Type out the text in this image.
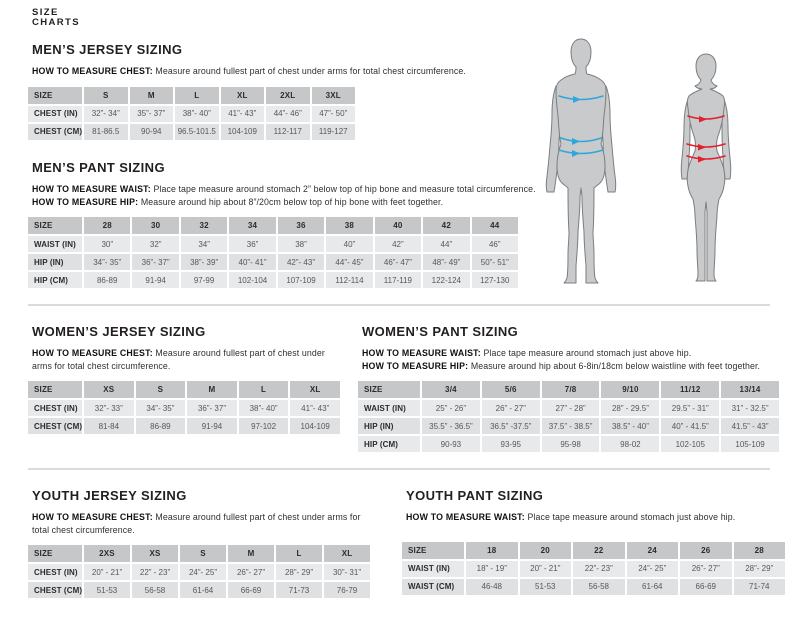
SIZE
CHARTS
MEN’S JERSEY SIZING

HOW TO MEASURE CHEST: Measure around fullest part of chest under arms for total chest circumference.

SIZE	S	M	L	XL	2XL	3XL
CHEST (IN)	32”- 34”	35”- 37”	38”- 40”	41”- 43”	44”- 46”	47”- 50”
CHEST (CM)	81-86.5	90-94	96.5-101.5	104-109	112-117	119-127
MEN’S PANT SIZING

HOW TO MEASURE WAIST: Place tape measure around stomach 2” below top of hip bone and measure total circumference.
HOW TO MEASURE HIP: Measure around hip about 8”/20cm below top of hip bone with feet together.

SIZE	28	30	32	34	36	38	40	42	44
WAIST (IN)	30”	32”	34”	36”	38”	40”	42”	44”	46”
HIP (IN)	34”- 35”	36”- 37”	38”- 39”	40”- 41”	42”- 43”	44”- 45”	46”- 47”	48”- 49”	50”- 51”
HIP (CM)	86-89	91-94	97-99	102-104	107-109	112-114	117-119	122-124	127-130
WOMEN’S JERSEY SIZING

HOW TO MEASURE CHEST: Measure around fullest part of chest under arms for total chest circumference.

SIZE	XS	S	M	L	XL
CHEST (IN)	32”- 33”	34”- 35”	36”- 37”	38”- 40”	41”- 43”
CHEST (CM)	81-84	86-89	91-94	97-102	104-109
WOMEN’S PANT SIZING

HOW TO MEASURE WAIST: Place tape measure around stomach just above hip.
HOW TO MEASURE HIP: Measure around hip about 6-8in/18cm below waistline with feet together.

SIZE	3/4	5/6	7/8	9/10	11/12	13/14
WAIST (IN)	25” - 26”	26” - 27”	27” - 28”	28” - 29.5”	29.5” - 31”	31” - 32.5”
HIP (IN)	35.5” - 36.5”	36.5” -37.5”	37.5” - 38.5”	38.5” - 40”	40” - 41.5”	41.5” - 43”
HIP (CM)	90-93	93-95	95-98	98-02	102-105	105-109
YOUTH JERSEY SIZING

HOW TO MEASURE CHEST: Measure around fullest part of chest under arms for total chest circumference.

SIZE	2XS	XS	S	M	L	XL
CHEST (IN)	20” - 21”	22” - 23”	24”- 25”	26”- 27”	28”- 29”	30”- 31”
CHEST (CM)	51-53	56-58	61-64	66-69	71-73	76-79
YOUTH PANT SIZING

HOW TO MEASURE WAIST: Place tape measure around stomach just above hip.

SIZE	18	20	22	24	26	28
WAIST (IN)	18” - 19”	20” - 21”	22”- 23”	24”- 25”	26”- 27”	28”- 29”
WAIST (CM)	46-48	51-53	56-58	61-64	66-69	71-74
